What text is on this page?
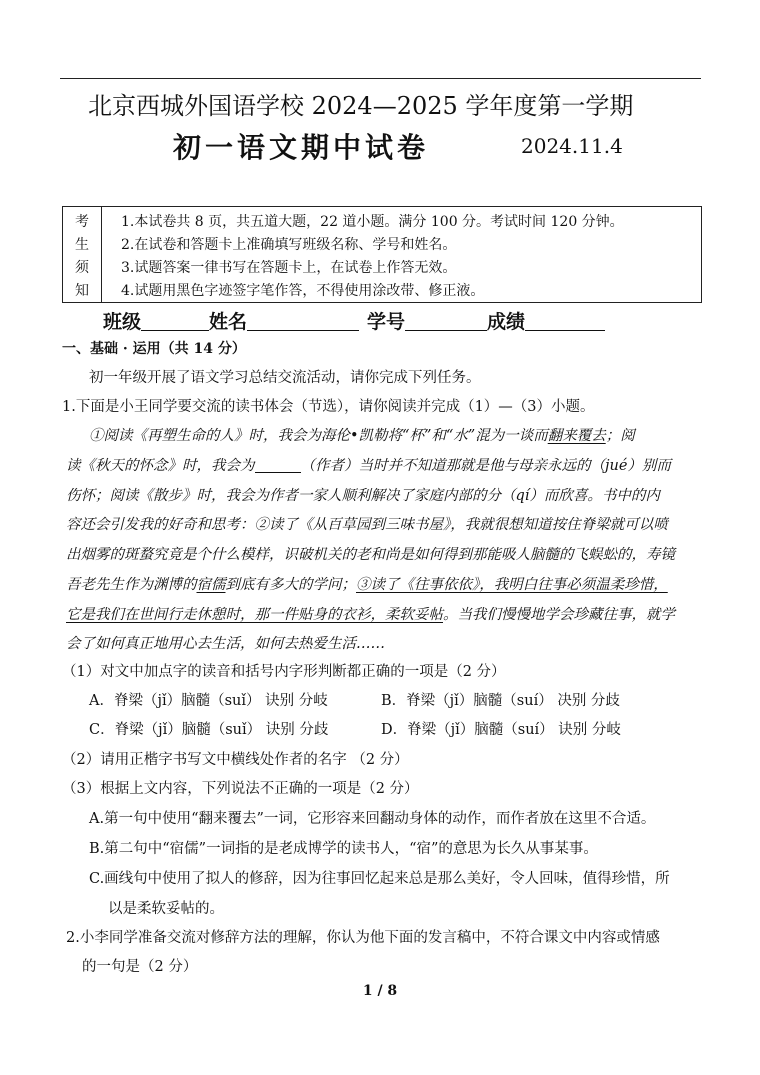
北京西城外国语学校 2024—2025 学年度第一学期
初一语文期中试卷	2024.11.4
考
生
须
知
1.本试卷共 8 页，共五道大题，22 道小题。满分 100 分。考试时间 120 分钟。
2.在试卷和答题卡上准确填写班级名称、学号和姓名。
3.试题答案一律书写在答题卡上，在试卷上作答无效。
4.试题用黑色字迹签字笔作答，不得使用涂改带、修正液。
班级	姓名	学号	成绩
一、基础 · 运用（共 14 分）
初一年级开展了语文学习总结交流活动，请你完成下列任务。
1.下面是小王同学要交流的读书体会（节选），请你阅读并完成（1）—（3）小题。
①阅读《再塑生命的人》时，我会为海伦•凯勒将“杯”和“水”混为一谈而翻来覆去；阅
读《秋天的怀念》时，我会为	（作者）当时并不知道那就是他与母亲永远的（jué）别而
伤怀；阅读《散步》时，我会为作者一家人顺利解决了家庭内部的分（qí）而欣喜。书中的内
容还会引发我的好奇和思考：②读了《从百草园到三味书屋》，我就很想知道按住脊梁就可以喷
出烟雾的斑蝥究竟是个什么模样，识破机关的老和尚是如何得到那能吸人脑髓的飞蜈蚣的，寿镜
吾老先生作为渊博的宿儒到底有多大的学问；③读了《往事依依》，我明白往事必须温柔珍惜，
它是我们在世间行走休憩时，那一件贴身的衣衫，柔软妥帖。当我们慢慢地学会珍藏往事，就学
会了如何真正地用心去生活，如何去热爱生活……
（1）对文中加点字的读音和括号内字形判断都正确的一项是（2 分）
A．脊梁（jǐ）脑髓（suǐ） 诀别 分岐	B．脊梁（jǐ）脑髓（suí） 决别 分歧
C．脊梁（jǐ）脑髓（suǐ） 诀别 分歧	D．脊梁（jǐ）脑髓（suí） 诀别 分岐
（2）请用正楷字书写文中横线处作者的名字 （2 分）
（3）根据上文内容，下列说法不正确的一项是（2 分）
A.第一句中使用“翻来覆去”一词，它形容来回翻动身体的动作，而作者放在这里不合适。
B.第二句中“宿儒”一词指的是老成博学的读书人，“宿”的意思为长久从事某事。
C.画线句中使用了拟人的修辞，因为往事回忆起来总是那么美好，令人回味，值得珍惜，所
以是柔软妥帖的。
2.小李同学准备交流对修辞方法的理解，你认为他下面的发言稿中，不符合课文中内容或情感
的一句是（2 分）
1 / 8
